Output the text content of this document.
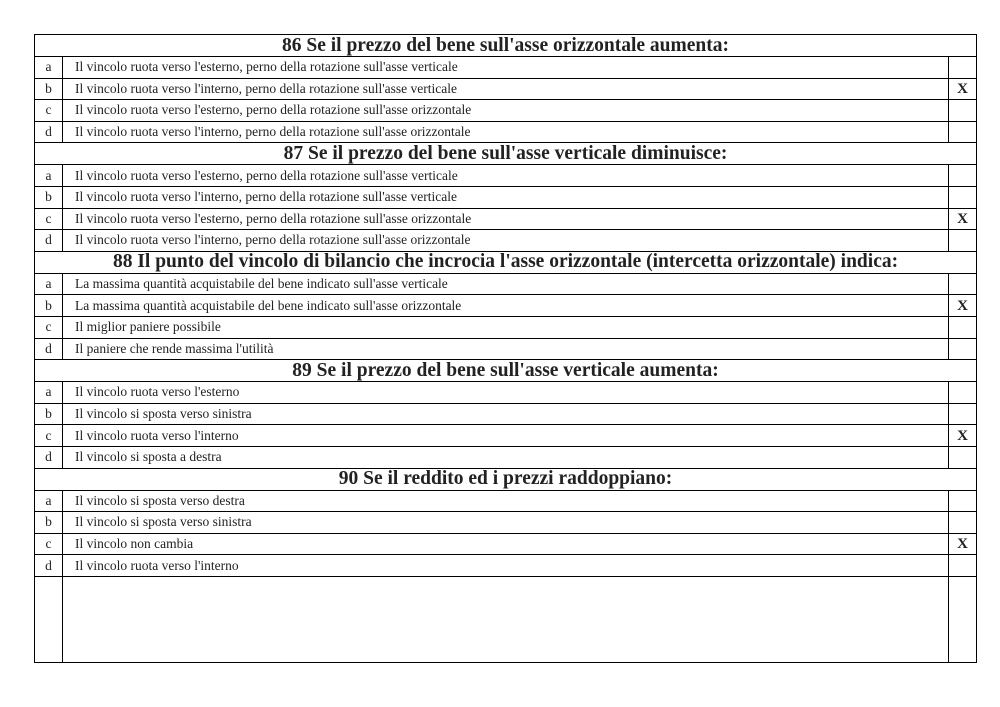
86 Se il prezzo del bene sull'asse orizzontale aumenta:		
a	Il vincolo ruota verso l'esterno, perno della rotazione sull'asse verticale	
b	Il vincolo ruota verso l'interno, perno della rotazione sull'asse verticale	X
c	Il vincolo ruota verso l'esterno, perno della rotazione sull'asse orizzontale	
d	Il vincolo ruota verso l'interno, perno della rotazione sull'asse orizzontale	
87 Se il prezzo del bene sull'asse verticale diminuisce:		
a	Il vincolo ruota verso l'esterno, perno della rotazione sull'asse verticale	
b	Il vincolo ruota verso l'interno, perno della rotazione sull'asse verticale	
c	Il vincolo ruota verso l'esterno, perno della rotazione sull'asse orizzontale	X
d	Il vincolo ruota verso l'interno, perno della rotazione sull'asse orizzontale	
88 Il punto del vincolo di bilancio che incrocia l'asse orizzontale (intercetta orizzontale) indica:		
a	La massima quantità acquistabile del bene indicato sull'asse verticale	
b	La massima quantità acquistabile del bene indicato sull'asse orizzontale	X
c	Il miglior paniere possibile	
d	Il paniere che rende massima l'utilità	
89 Se il prezzo del bene sull'asse verticale aumenta:		
a	Il vincolo ruota verso l'esterno	
b	Il vincolo si sposta verso sinistra	
c	Il vincolo ruota verso l'interno	X
d	Il vincolo si sposta a destra	
90 Se il reddito ed i prezzi raddoppiano:		
a	Il vincolo si sposta verso destra	
b	Il vincolo si sposta verso sinistra	
c	Il vincolo non cambia	X
d	Il vincolo ruota verso l'interno	
